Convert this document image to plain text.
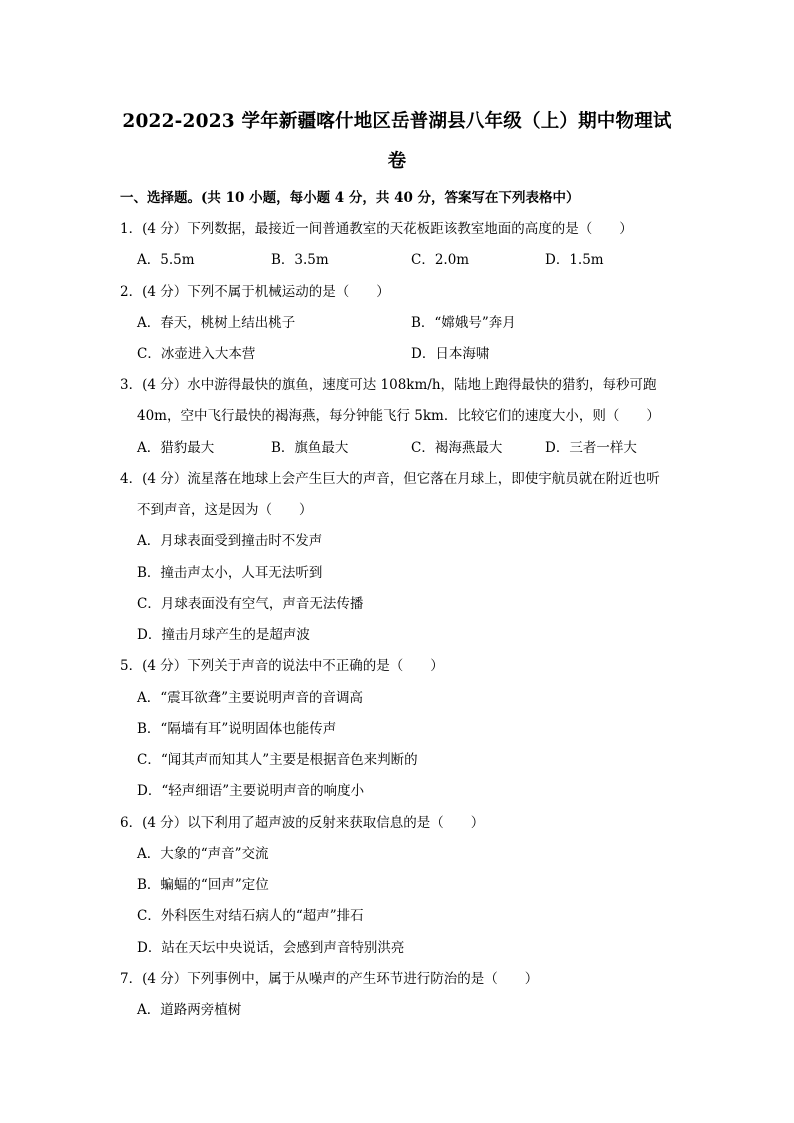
2022-2023 学年新疆喀什地区岳普湖县八年级（上）期中物理试
卷
一、选择题。(共 10 小题，每小题 4 分，共 40 分，答案写在下列表格中）
1．(4 分）下列数据，最接近一间普通教室的天花板距该教室地面的高度的是（　　）
A．5.5m	B．3.5m	C．2.0m	D．1.5m
2．(4 分）下列不属于机械运动的是（　　）
A．春天，桃树上结出桃子	B．“嫦娥号”奔月
C．冰壶进入大本营	D．日本海啸
3．(4 分）水中游得最快的旗鱼，速度可达 108km/h，陆地上跑得最快的猎豹，每秒可跑
40m，空中飞行最快的褐海燕，每分钟能飞行 5km．比较它们的速度大小，则（　　）
A．猎豹最大	B．旗鱼最大	C．褐海燕最大	D．三者一样大
4．(4 分）流星落在地球上会产生巨大的声音，但它落在月球上，即使宇航员就在附近也听
不到声音，这是因为（　　）
A．月球表面受到撞击时不发声
B．撞击声太小，人耳无法听到
C．月球表面没有空气，声音无法传播
D．撞击月球产生的是超声波
5．(4 分）下列关于声音的说法中不正确的是（　　）
A．“震耳欲聋”主要说明声音的音调高
B．“隔墙有耳”说明固体也能传声
C．“闻其声而知其人”主要是根据音色来判断的
D．“轻声细语”主要说明声音的响度小
6．(4 分）以下利用了超声波的反射来获取信息的是（　　）
A．大象的“声音”交流
B．蝙蝠的“回声”定位
C．外科医生对结石病人的“超声”排石
D．站在天坛中央说话，会感到声音特别洪亮
7．(4 分）下列事例中，属于从噪声的产生环节进行防治的是（　　）
A．道路两旁植树
